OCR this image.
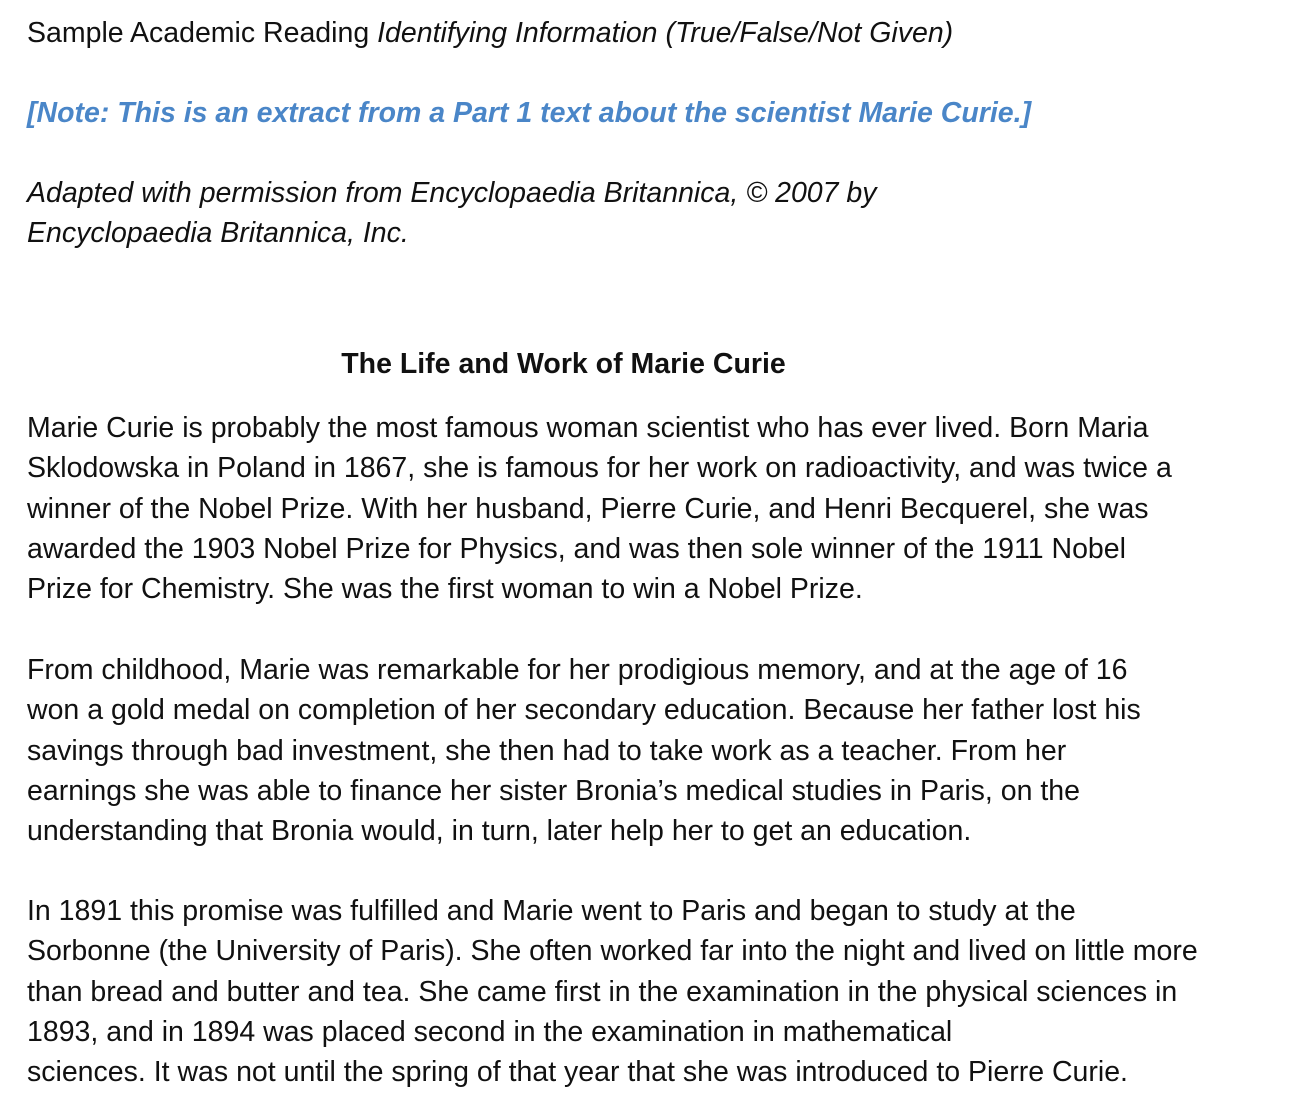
Sample Academic Reading Identifying Information (True/False/Not Given)
[Note: This is an extract from a Part 1 text about the scientist Marie Curie.]
Adapted with permission from Encyclopaedia Britannica, © 2007 by
Encyclopaedia Britannica, Inc.
The Life and Work of Marie Curie

Marie Curie is probably the most famous woman scientist who has ever lived. Born Maria
Sklodowska in Poland in 1867, she is famous for her work on radioactivity, and was twice a
winner of the Nobel Prize. With her husband, Pierre Curie, and Henri Becquerel, she was
awarded the 1903 Nobel Prize for Physics, and was then sole winner of the 1911 Nobel
Prize for Chemistry. She was the first woman to win a Nobel Prize.

From childhood, Marie was remarkable for her prodigious memory, and at the age of 16
won a gold medal on completion of her secondary education. Because her father lost his
savings through bad investment, she then had to take work as a teacher. From her
earnings she was able to finance her sister Bronia’s medical studies in Paris, on the
understanding that Bronia would, in turn, later help her to get an education.

In 1891 this promise was fulfilled and Marie went to Paris and began to study at the
Sorbonne (the University of Paris). She often worked far into the night and lived on little more
than bread and butter and tea. She came first in the examination in the physical sciences in
1893, and in 1894 was placed second in the examination in mathematical
sciences. It was not until the spring of that year that she was introduced to Pierre Curie.
